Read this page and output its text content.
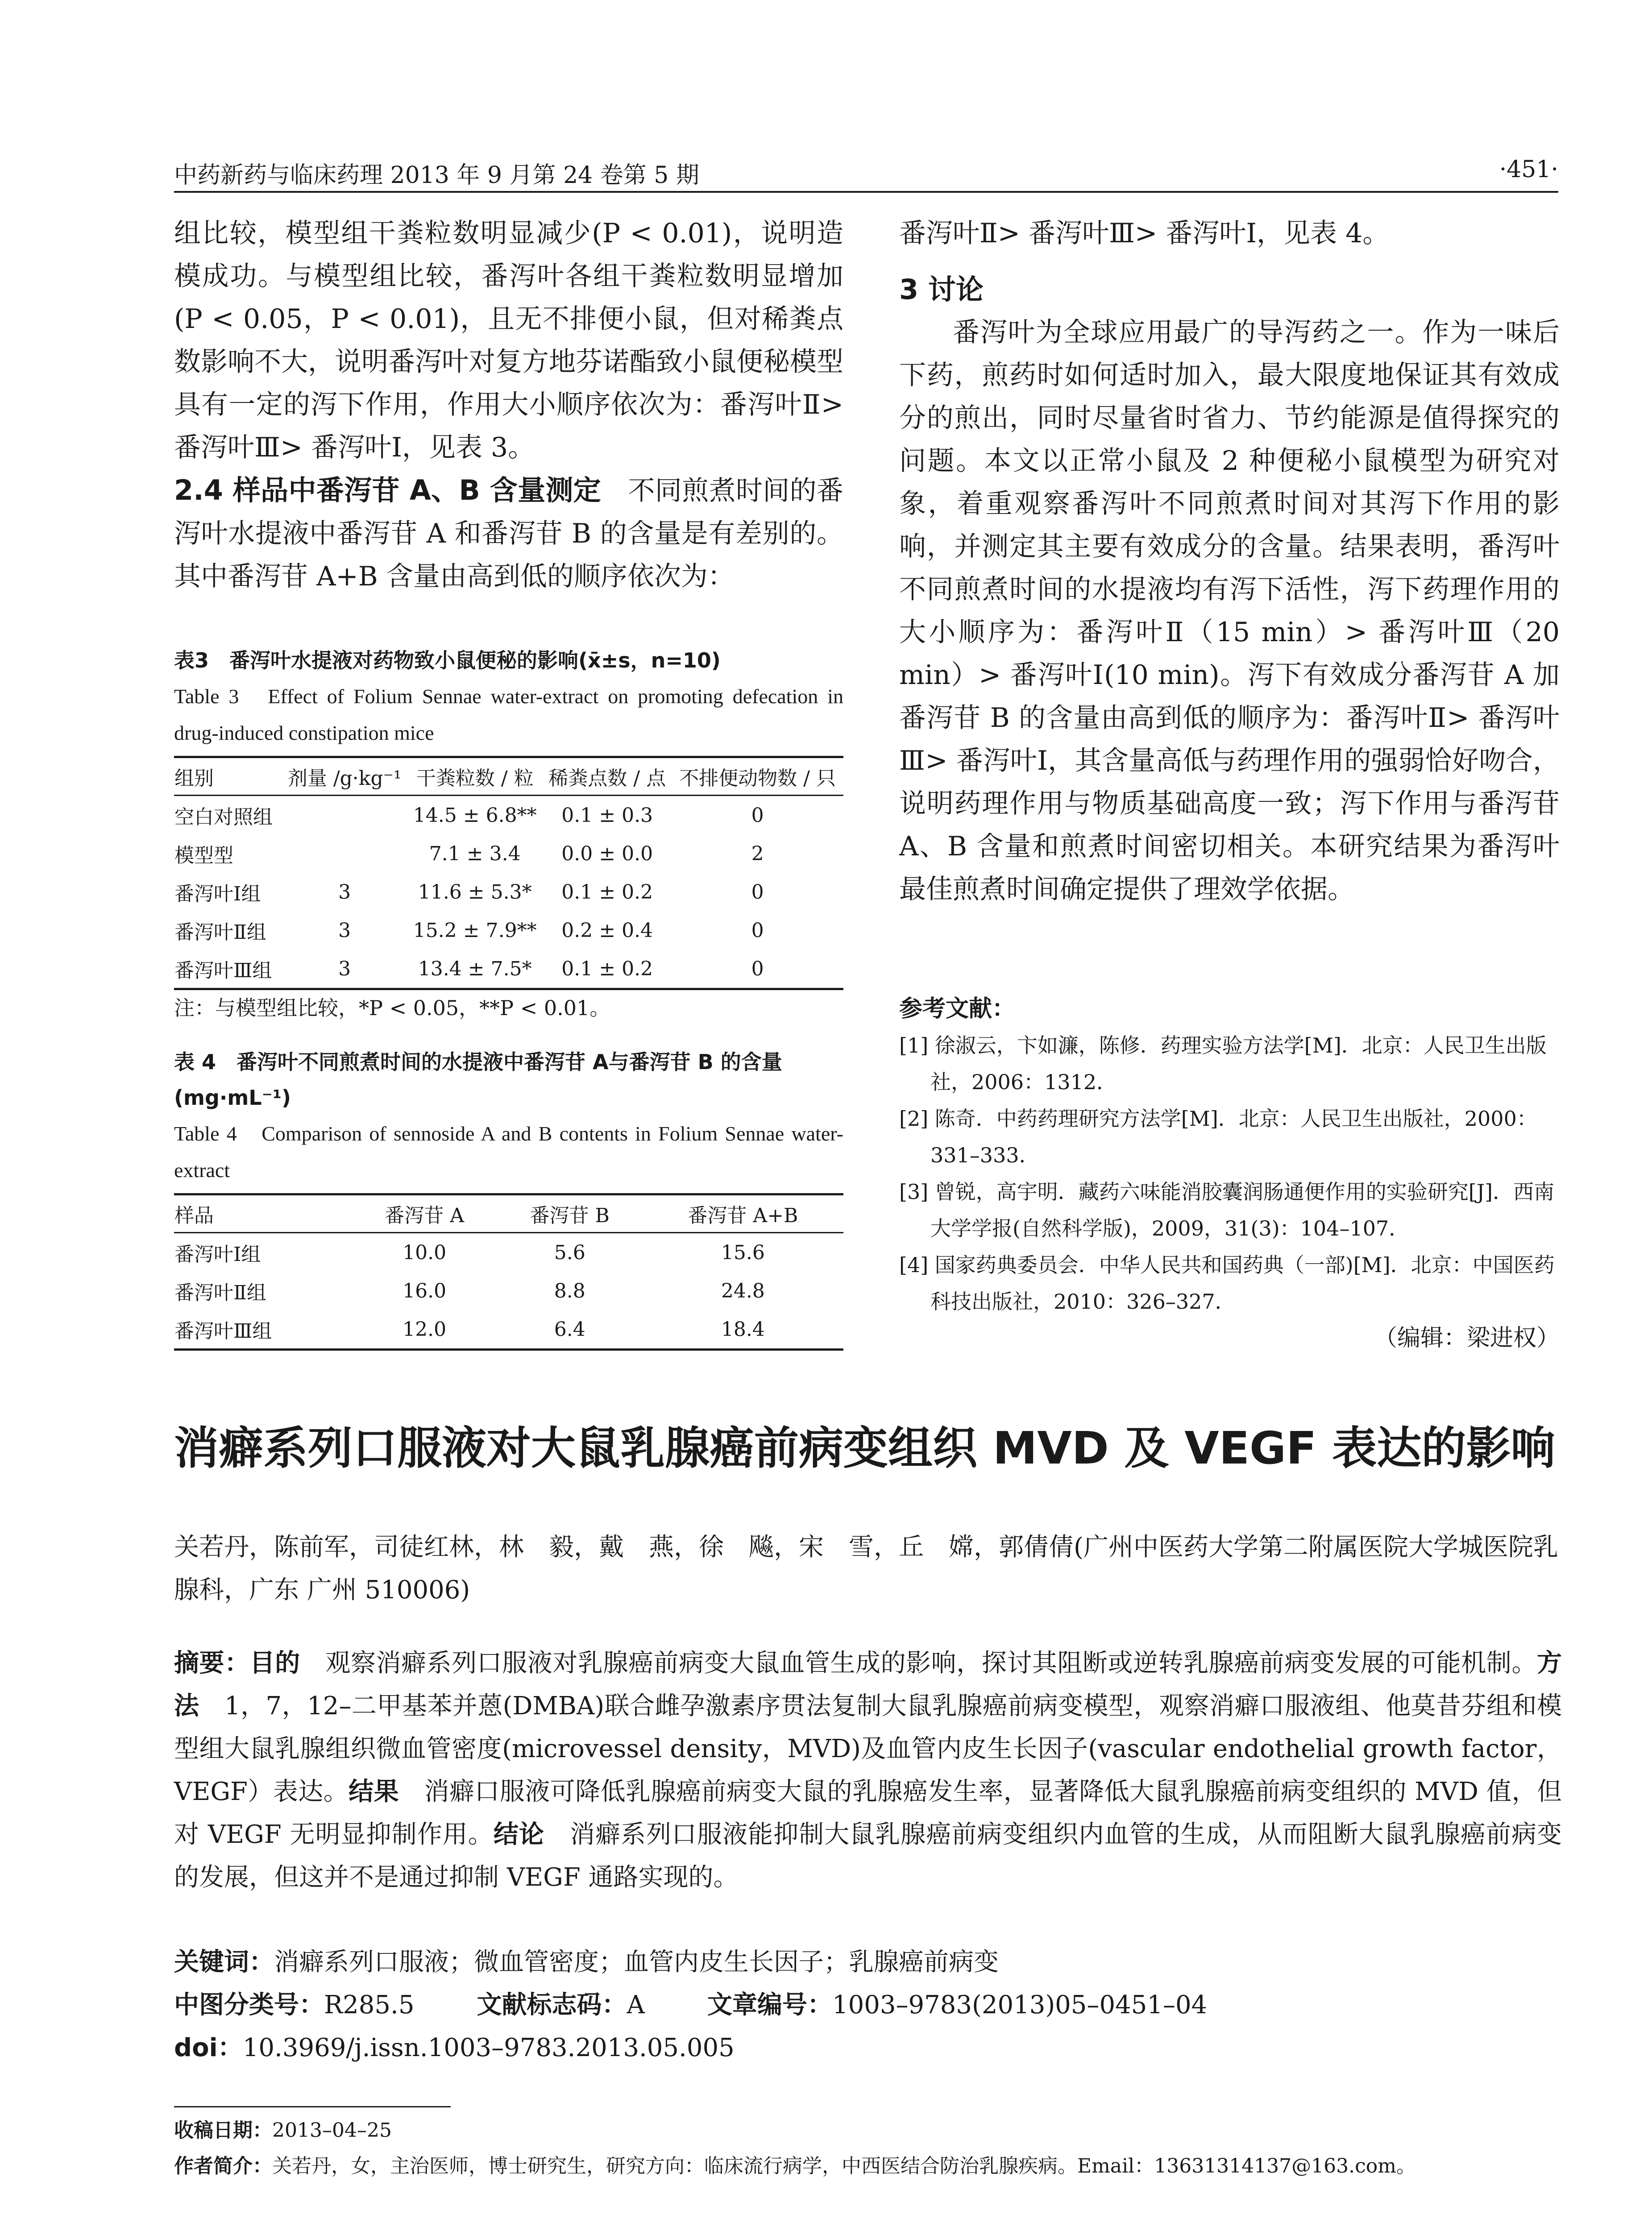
中药新药与临床药理 2013 年 9 月第 24 卷第 5 期	·451·

组比较，模型组干粪粒数明显减少(P < 0.01)，说明造模成功。与模型组比较，番泻叶各组干粪粒数明显增加(P < 0.05，P < 0.01)，且无不排便小鼠，但对稀粪点数影响不大，说明番泻叶对复方地芬诺酯致小鼠便秘模型具有一定的泻下作用，作用大小顺序依次为：番泻叶Ⅱ> 番泻叶Ⅲ> 番泻叶Ⅰ，见表 3。

2.4 样品中番泻苷 A、B 含量测定　 不同煎煮时间的番泻叶水提液中番泻苷 A 和番泻苷 B 的含量是有差别的。其中番泻苷 A+B 含量由高到低的顺序依次为：

表3　番泻叶水提液对药物致小鼠便秘的影响(x̄±s，n=10)
Table 3　Effect of Folium Sennae water-extract on promoting defecation in drug-induced constipation mice
组别	剂量 /g·kg⁻¹	干粪粒数 / 粒	稀粪点数 / 点	不排便动物数 / 只
空白对照组		14.5 ± 6.8**	0.1 ± 0.3	0
模型型		7.1 ± 3.4	0.0 ± 0.0	2
番泻叶Ⅰ组	3	11.6 ± 5.3*	0.1 ± 0.2	0
番泻叶Ⅱ组	3	15.2 ± 7.9**	0.2 ± 0.4	0
番泻叶Ⅲ组	3	13.4 ± 7.5*	0.1 ± 0.2	0
注：与模型组比较，*P < 0.05，**P < 0.01。
表 4　番泻叶不同煎煮时间的水提液中番泻苷 A与番泻苷 B 的含量(mg·mL⁻¹)
Table 4　Comparison of sennoside A and B contents in Folium Sennae water-extract
样品	番泻苷 A	番泻苷 B	番泻苷 A+B
番泻叶Ⅰ组	10.0	5.6	15.6
番泻叶Ⅱ组	16.0	8.8	24.8
番泻叶Ⅲ组	12.0	6.4	18.4

番泻叶Ⅱ> 番泻叶Ⅲ> 番泻叶Ⅰ，见表 4。

3 讨论

番泻叶为全球应用最广的导泻药之一。作为一味后下药，煎药时如何适时加入，最大限度地保证其有效成分的煎出，同时尽量省时省力、节约能源是值得探究的问题。本文以正常小鼠及 2 种便秘小鼠模型为研究对象，着重观察番泻叶不同煎煮时间对其泻下作用的影响，并测定其主要有效成分的含量。结果表明，番泻叶不同煎煮时间的水提液均有泻下活性，泻下药理作用的大小顺序为：番泻叶Ⅱ（15 min）> 番泻叶Ⅲ（20 min）> 番泻叶Ⅰ(10 min)。泻下有效成分番泻苷 A 加番泻苷 B 的含量由高到低的顺序为：番泻叶Ⅱ> 番泻叶Ⅲ> 番泻叶Ⅰ，其含量高低与药理作用的强弱恰好吻合，说明药理作用与物质基础高度一致；泻下作用与番泻苷 A、B 含量和煎煮时间密切相关。本研究结果为番泻叶最佳煎煮时间确定提供了理效学依据。

参考文献：
[1] 徐淑云，卞如濂，陈修．药理实验方法学[M]．北京：人民卫生出版社，2006：1312．
[2] 陈奇．中药药理研究方法学[M]．北京：人民卫生出版社，2000：331–333．
[3] 曾锐，高宇明．藏药六味能消胶囊润肠通便作用的实验研究[J]．西南大学学报(自然科学版)，2009，31(3)：104–107．
[4] 国家药典委员会．中华人民共和国药典（一部)[M]．北京：中国医药科技出版社，2010：326–327．
（编辑：梁进权）
消癖系列口服液对大鼠乳腺癌前病变组织 MVD 及 VEGF 表达的影响
关若丹，陈前军，司徒红林，林　毅，戴　燕，徐　飚，宋　雪，丘　嫦，郭倩倩(广州中医药大学第二附属医院大学城医院乳腺科，广东 广州 510006)
摘要：目的　 观察消癖系列口服液对乳腺癌前病变大鼠血管生成的影响，探讨其阻断或逆转乳腺癌前病变发展的可能机制。方法　 1，7，12–二甲基苯并蒽(DMBA)联合雌孕激素序贯法复制大鼠乳腺癌前病变模型，观察消癖口服液组、他莫昔芬组和模型组大鼠乳腺组织微血管密度(microvessel density，MVD)及血管内皮生长因子(vascular endothelial growth factor，VEGF）表达。结果　 消癖口服液可降低乳腺癌前病变大鼠的乳腺癌发生率，显著降低大鼠乳腺癌前病变组织的 MVD 值，但对 VEGF 无明显抑制作用。结论　 消癖系列口服液能抑制大鼠乳腺癌前病变组织内血管的生成，从而阻断大鼠乳腺癌前病变的发展，但这并不是通过抑制 VEGF 通路实现的。
关键词：消癖系列口服液；微血管密度；血管内皮生长因子；乳腺癌前病变
中图分类号：R285.5	文献标志码：A	文章编号：1003–9783(2013)05–0451–04
doi：10.3969/j.issn.1003–9783.2013.05.005
收稿日期：2013–04–25
作者简介：关若丹，女，主治医师，博士研究生，研究方向：临床流行病学，中西医结合防治乳腺疾病。Email：13631314137@163.com。
